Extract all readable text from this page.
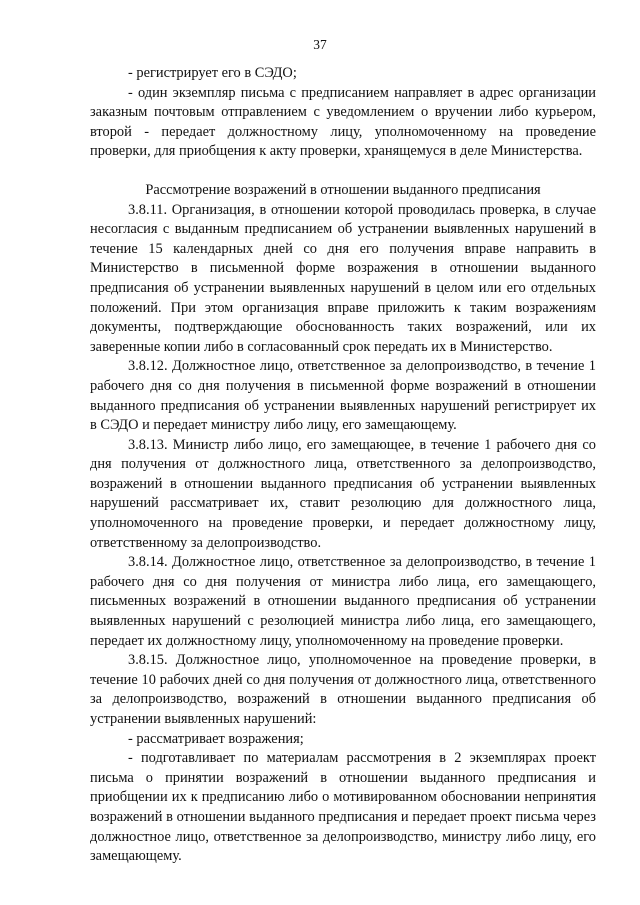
37

- регистрирует его в СЭДО;

- один экземпляр письма с предписанием направляет в адрес организации заказным почтовым отправлением с уведомлением о вручении либо курьером, второй - передает должностному лицу, уполномоченному на проведение проверки, для приобщения к акту проверки, хранящемуся в деле Министерства.

Рассмотрение возражений в отношении выданного предписания

3.8.11. Организация, в отношении которой проводилась проверка, в случае несогласия с выданным предписанием об устранении выявленных нарушений в течение 15 календарных дней со дня его получения вправе направить в Министерство в письменной форме возражения в отношении выданного предписания об устранении выявленных нарушений в целом или его отдельных положений. При этом организация вправе приложить к таким возражениям документы, подтверждающие обоснованность таких возражений, или их заверенные копии либо в согласованный срок передать их в Министерство.

3.8.12. Должностное лицо, ответственное за делопроизводство, в течение 1 рабочего дня со дня получения в письменной форме возражений в отношении выданного предписания об устранении выявленных нарушений регистрирует их в СЭДО и передает министру либо лицу, его замещающему.

3.8.13. Министр либо лицо, его замещающее, в течение 1 рабочего дня со дня получения от должностного лица, ответственного за делопроизводство, возражений в отношении выданного предписания об устранении выявленных нарушений рассматривает их, ставит резолюцию для должностного лица, уполномоченного на проведение проверки, и передает должностному лицу, ответственному за делопроизводство.

3.8.14. Должностное лицо, ответственное за делопроизводство, в течение 1 рабочего дня со дня получения от министра либо лица, его замещающего, письменных возражений в отношении выданного предписания об устранении выявленных нарушений с резолюцией министра либо лица, его замещающего, передает их должностному лицу, уполномоченному на проведение проверки.

3.8.15. Должностное лицо, уполномоченное на проведение проверки, в течение 10 рабочих дней со дня получения от должностного лица, ответственного за делопроизводство, возражений в отношении выданного предписания об устранении выявленных нарушений:

- рассматривает возражения;

- подготавливает по материалам рассмотрения в 2 экземплярах проект письма о принятии возражений в отношении выданного предписания и приобщении их к предписанию либо о мотивированном обосновании непринятия возражений в отношении выданного предписания и передает проект письма через должностное лицо, ответственное за делопроизводство, министру либо лицу, его замещающему.
